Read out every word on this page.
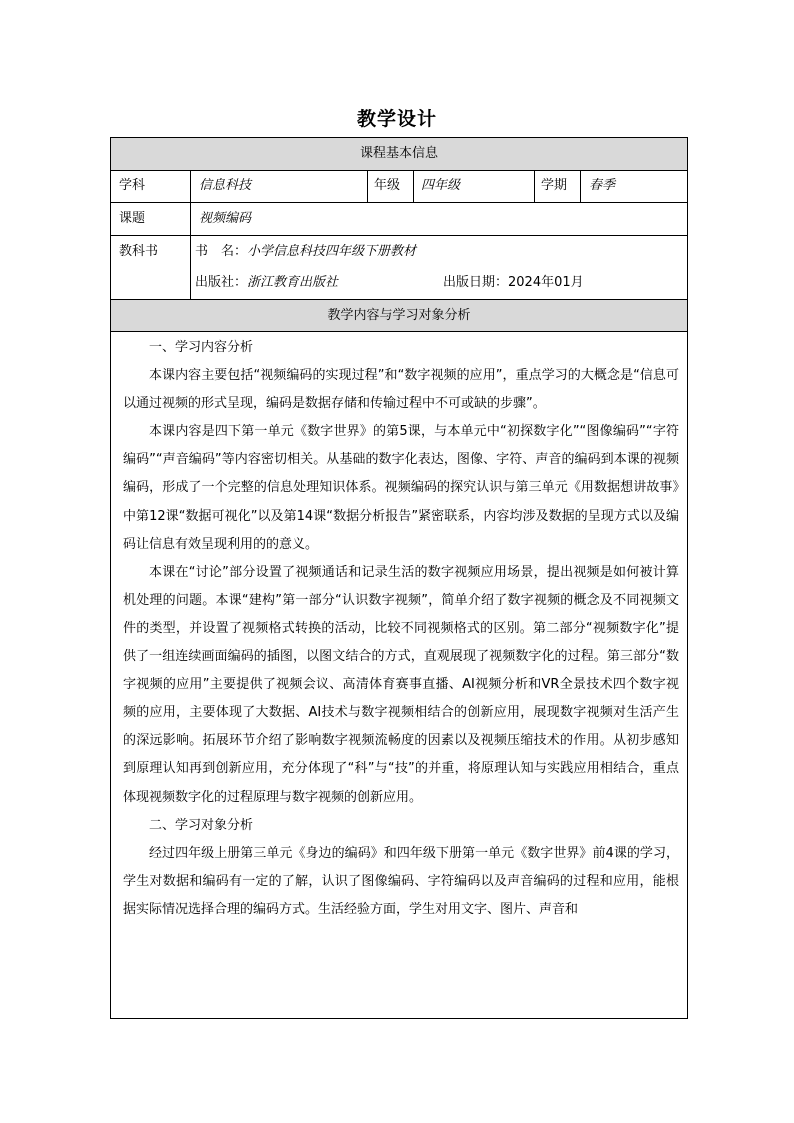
教学设计
课程基本信息
学科	信息科技	年级 四年级	学期 春季
课题	视频编码
教科书	书　名：小学信息科技四年级下册教材
出版社：浙江教育出版社	出版日期：2024年01月
教学内容与学习对象分析

一、学习内容分析

本课内容主要包括“视频编码的实现过程”和“数字视频的应用”，重点学习的大概念是“信息可以通过视频的形式呈现，编码是数据存储和传输过程中不可或缺的步骤”。

本课内容是四下第一单元《数字世界》的第5课，与本单元中“初探数字化”“图像编码”“字符编码”“声音编码”等内容密切相关。从基础的数字化表达，图像、字符、声音的编码到本课的视频编码，形成了一个完整的信息处理知识体系。视频编码的探究认识与第三单元《用数据想讲故事》中第12课“数据可视化”以及第14课“数据分析报告”紧密联系，内容均涉及数据的呈现方式以及编码让信息有效呈现利用的的意义。

本课在“讨论”部分设置了视频通话和记录生活的数字视频应用场景，提出视频是如何被计算机处理的问题。本课“建构”第一部分“认识数字视频”，简单介绍了数字视频的概念及不同视频文件的类型，并设置了视频格式转换的活动，比较不同视频格式的区别。第二部分“视频数字化”提供了一组连续画面编码的插图，以图文结合的方式，直观展现了视频数字化的过程。第三部分“数字视频的应用”主要提供了视频会议、高清体育赛事直播、AI视频分析和VR全景技术四个数字视频的应用，主要体现了大数据、AI技术与数字视频相结合的创新应用，展现数字视频对生活产生的深远影响。拓展环节介绍了影响数字视频流畅度的因素以及视频压缩技术的作用。从初步感知到原理认知再到创新应用，充分体现了“科”与“技”的并重，将原理认知与实践应用相结合，重点体现视频数字化的过程原理与数字视频的创新应用。

二、学习对象分析

经过四年级上册第三单元《身边的编码》和四年级下册第一单元《数字世界》前4课的学习，学生对数据和编码有一定的了解，认识了图像编码、字符编码以及声音编码的过程和应用，能根据实际情况选择合理的编码方式。生活经验方面，学生对用文字、图片、声音和
